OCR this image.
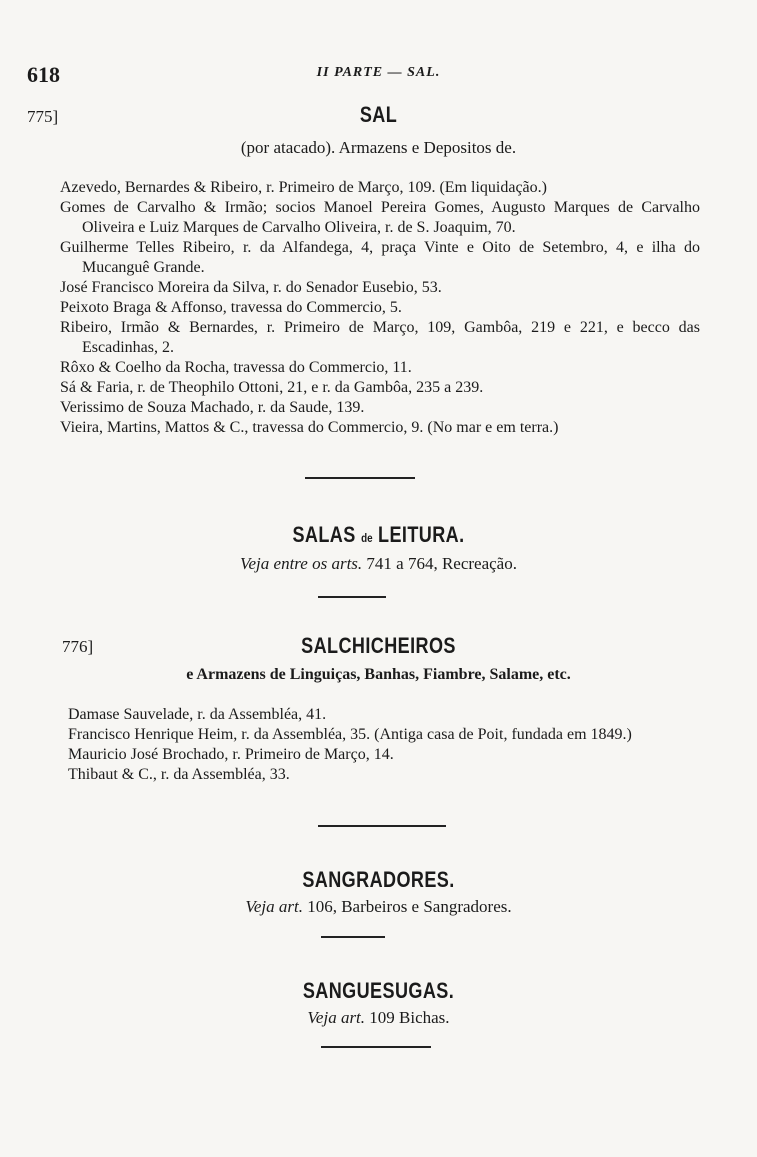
618	II PARTE — SAL.
775]	SAL
(por atacado). Armazens e Depositos de.
Azevedo, Bernardes & Ribeiro, r. Primeiro de Março, 109. (Em liquidação.)
Gomes de Carvalho & Irmão; socios Manoel Pereira Gomes, Augusto Marques de Carvalho Oliveira e Luiz Marques de Carvalho Oliveira, r. de S. Joaquim, 70.
Guilherme Telles Ribeiro, r. da Alfandega, 4, praça Vinte e Oito de Setembro, 4, e ilha do Mucanguê Grande.
José Francisco Moreira da Silva, r. do Senador Eusebio, 53.
Peixoto Braga & Affonso, travessa do Commercio, 5.
Ribeiro, Irmão & Bernardes, r. Primeiro de Março, 109, Gambôa, 219 e 221, e becco das Escadinhas, 2.
Rôxo & Coelho da Rocha, travessa do Commercio, 11.
Sá & Faria, r. de Theophilo Ottoni, 21, e r. da Gambôa, 235 a 239.
Verissimo de Souza Machado, r. da Saude, 139.
Vieira, Martins, Mattos & C., travessa do Commercio, 9. (No mar e em terra.)
SALAS de LEITURA.
Veja entre os arts. 741 a 764, Recreação.
776]	SALCHICHEIROS
e Armazens de Linguiças, Banhas, Fiambre, Salame, etc.
Damase Sauvelade, r. da Assembléa, 41.
Francisco Henrique Heim, r. da Assembléa, 35. (Antiga casa de Poit, fundada em 1849.)
Mauricio José Brochado, r. Primeiro de Março, 14.
Thibaut & C., r. da Assembléa, 33.
SANGRADORES.
Veja art. 106, Barbeiros e Sangradores.
SANGUESUGAS.
Veja art. 109 Bichas.
